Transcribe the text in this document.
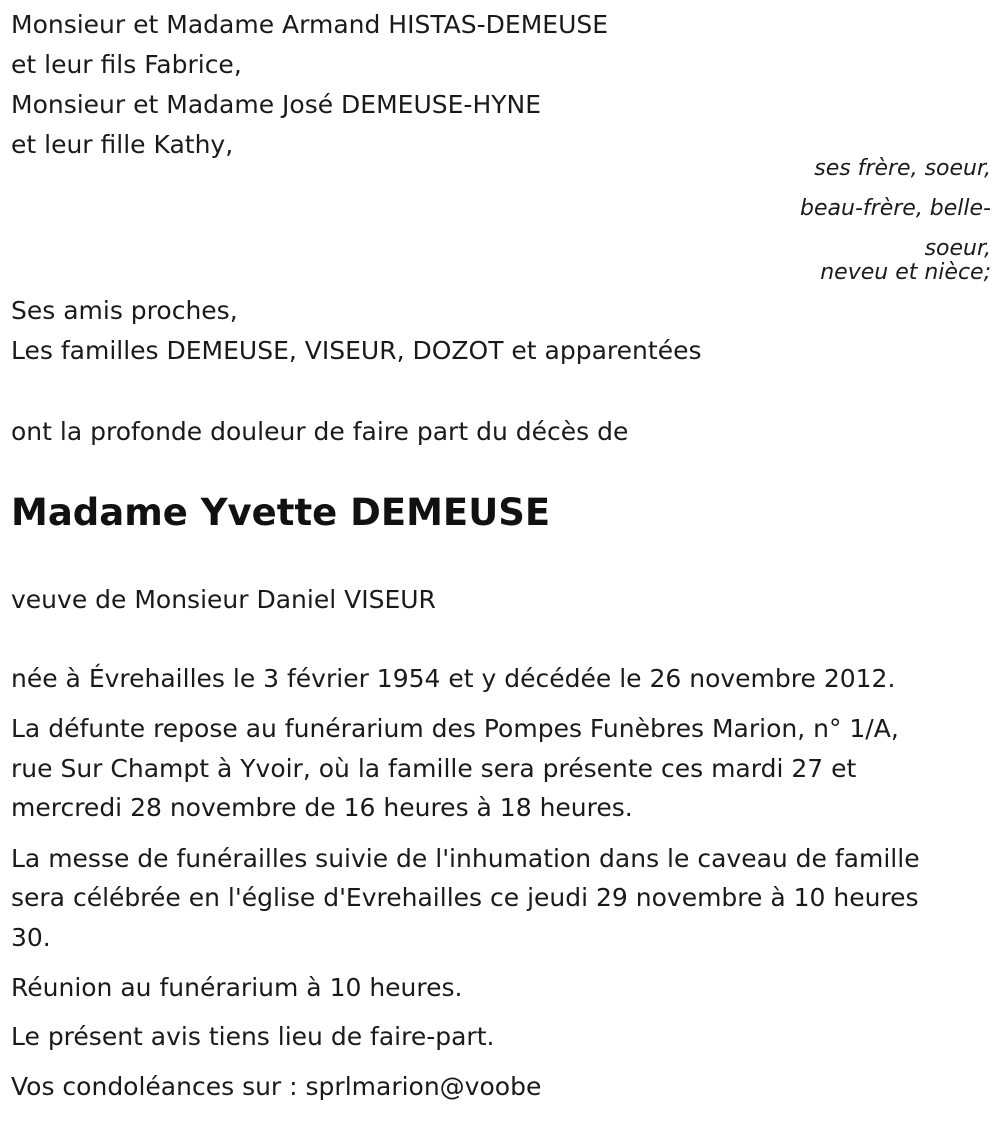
Monsieur et Madame Armand HISTAS-DEMEUSE
et leur fils Fabrice,
Monsieur et Madame José DEMEUSE-HYNE
et leur fille Kathy,
ses frère, soeur,
beau-frère, belle-
soeur,
neveu et nièce;
Ses amis proches,
Les familles DEMEUSE, VISEUR, DOZOT et apparentées
ont la profonde douleur de faire part du décès de
Madame Yvette DEMEUSE
veuve de Monsieur Daniel VISEUR
née à Évrehailles le 3 février 1954 et y décédée le 26 novembre 2012.
La défunte repose au funérarium des Pompes Funèbres Marion, n° 1/A,
rue Sur Champt à Yvoir, où la famille sera présente ces mardi 27 et
mercredi 28 novembre de 16 heures à 18 heures.
La messe de funérailles suivie de l'inhumation dans le caveau de famille
sera célébrée en l'église d'Evrehailles ce jeudi 29 novembre à 10 heures
30.
Réunion au funérarium à 10 heures.
Le présent avis tiens lieu de faire-part.
Vos condoléances sur : sprlmarion@voobe
